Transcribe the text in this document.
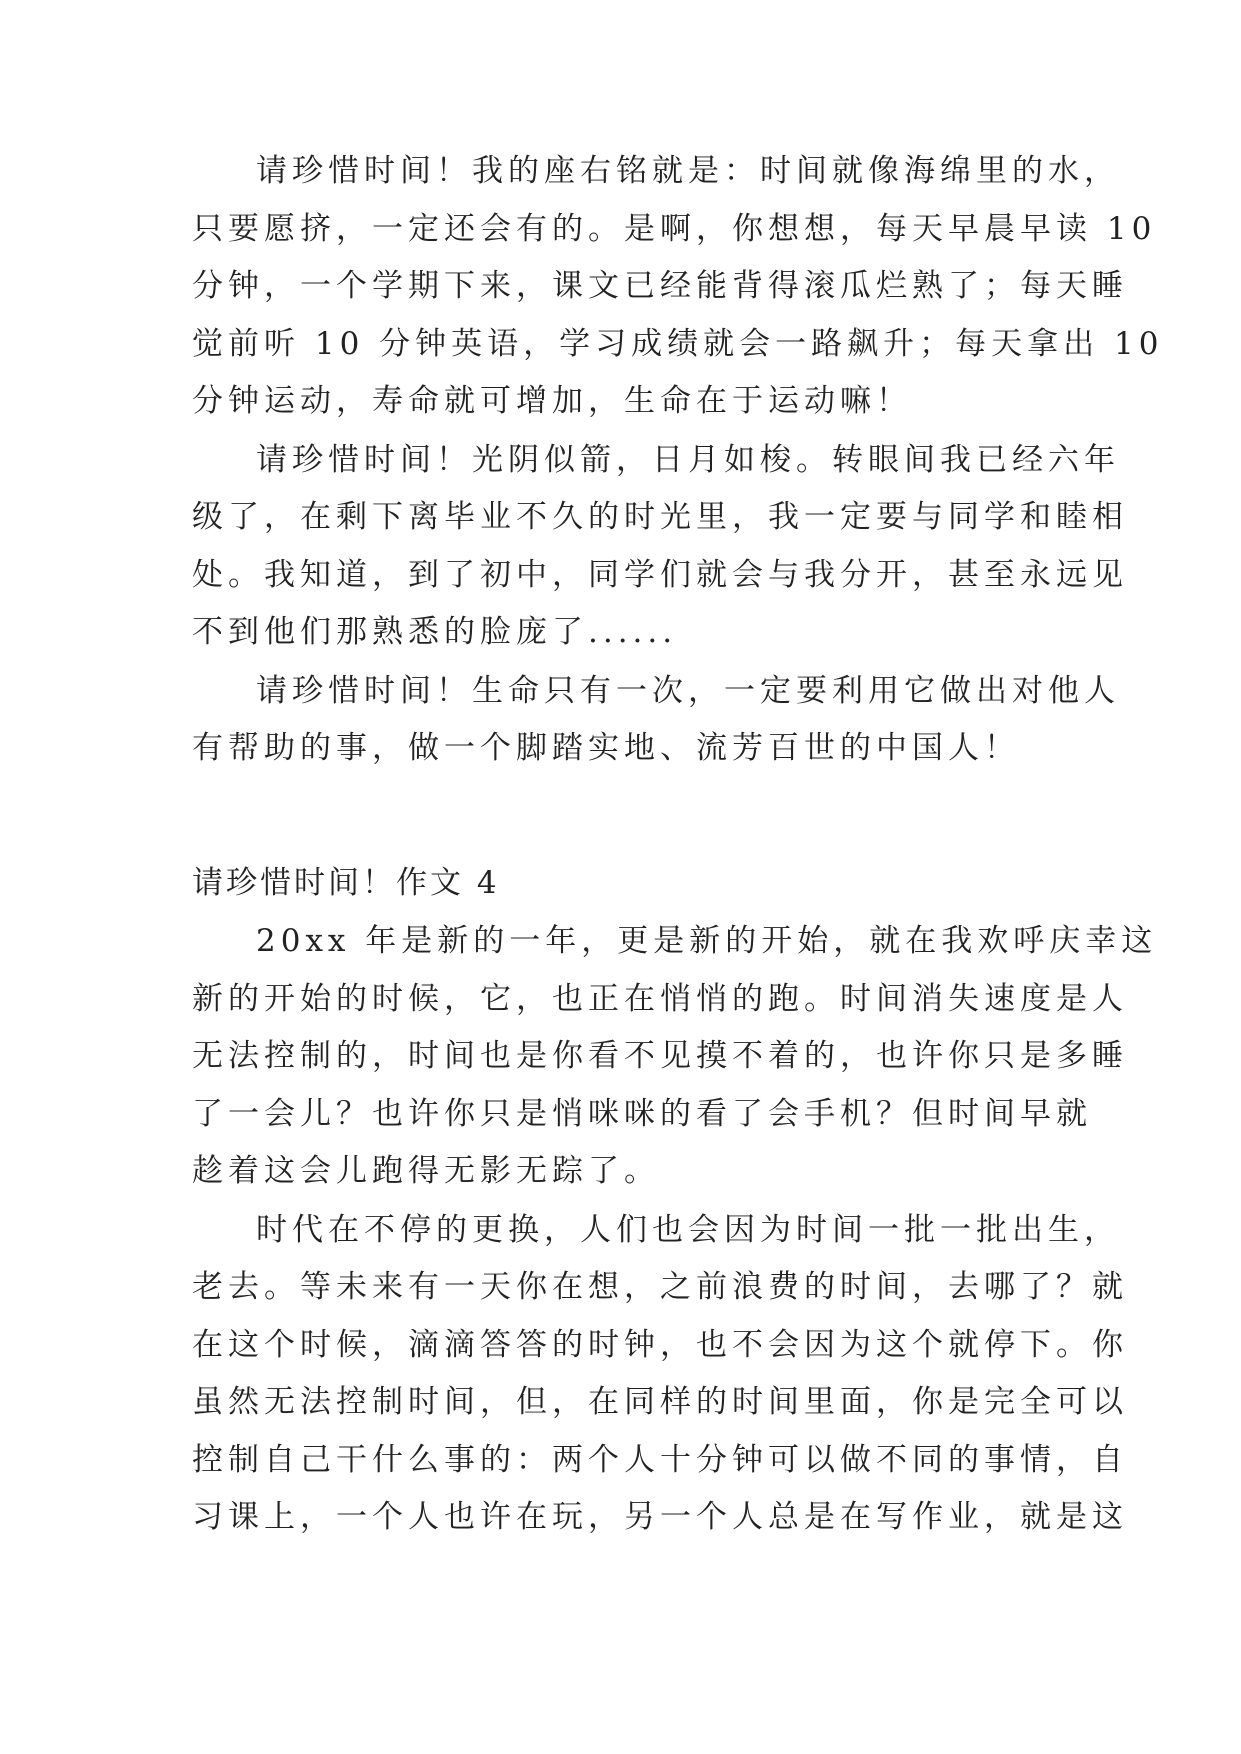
请珍惜时间！我的座右铭就是：时间就像海绵里的水，

只要愿挤，一定还会有的。是啊，你想想，每天早晨早读 10

分钟，一个学期下来，课文已经能背得滚瓜烂熟了；每天睡

觉前听 10 分钟英语，学习成绩就会一路飙升；每天拿出 10

分钟运动，寿命就可增加，生命在于运动嘛！

请珍惜时间！光阴似箭，日月如梭。转眼间我已经六年

级了，在剩下离毕业不久的时光里，我一定要与同学和睦相

处。我知道，到了初中，同学们就会与我分开，甚至永远见

不到他们那熟悉的脸庞了......

请珍惜时间！生命只有一次，一定要利用它做出对他人

有帮助的事，做一个脚踏实地、流芳百世的中国人！

请珍惜时间！作文 4

20xx 年是新的一年，更是新的开始，就在我欢呼庆幸这

新的开始的时候，它，也正在悄悄的跑。时间消失速度是人

无法控制的，时间也是你看不见摸不着的，也许你只是多睡

了一会儿？也许你只是悄咪咪的看了会手机？但时间早就

趁着这会儿跑得无影无踪了。

时代在不停的更换，人们也会因为时间一批一批出生，

老去。等未来有一天你在想，之前浪费的时间，去哪了？就

在这个时候，滴滴答答的时钟，也不会因为这个就停下。你

虽然无法控制时间，但，在同样的时间里面，你是完全可以

控制自己干什么事的：两个人十分钟可以做不同的事情，自

习课上，一个人也许在玩，另一个人总是在写作业，就是这
